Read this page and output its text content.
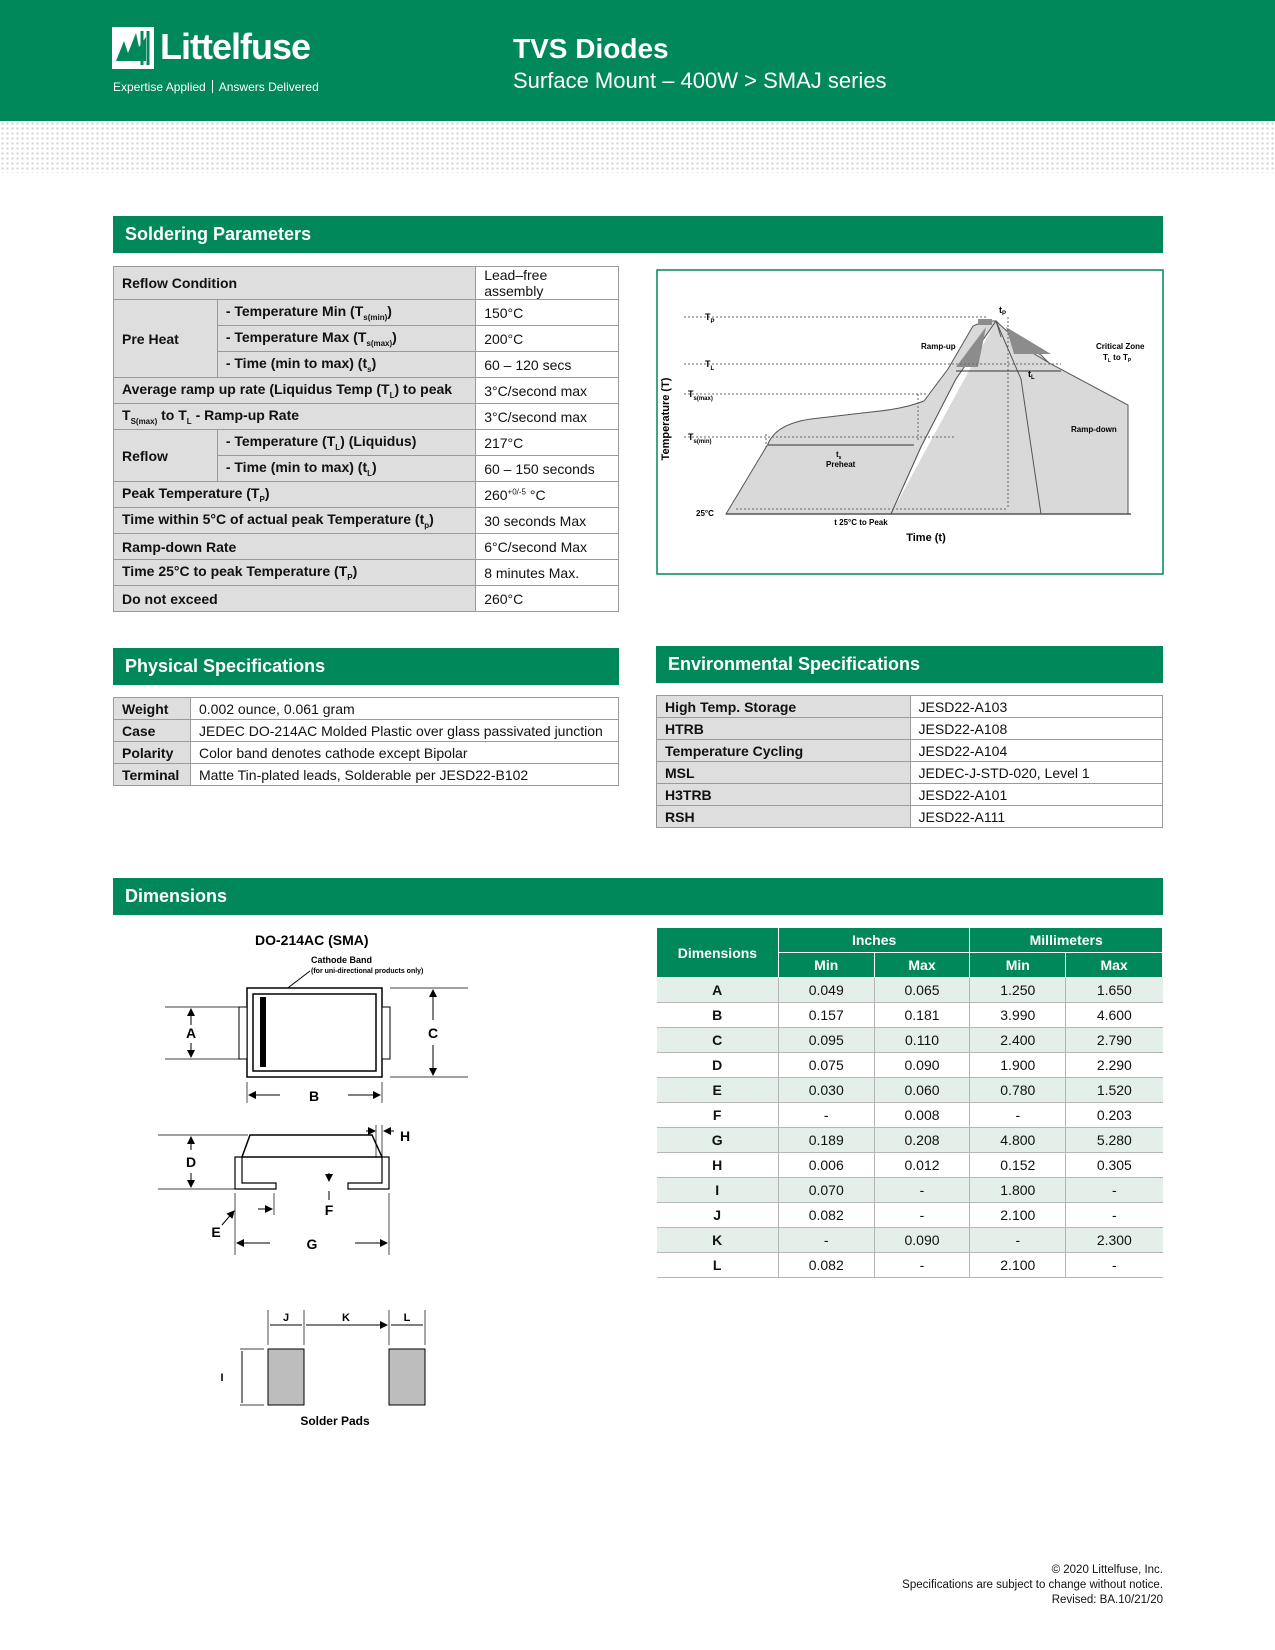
Littelfuse
Expertise Applied Answers Delivered
TVS Diodes
Surface Mount – 400W > SMAJ series
Soldering Parameters
Reflow Condition		Lead–free assembly
Pre Heat	- Temperature Min $(T_{s(min)})$	150°C
	- Temperature Max $(T_{s(max)})$	200°C
	- Time (min to max) $(t_s)$	60 – 120 secs
Average ramp up rate (Liquidus Temp $(T_L)$ to peak		3°C/second max
$T_{S(max)}$ to $T_L$ - Ramp-up Rate		3°C/second max
Reflow	- Temperature $(T_L)$ (Liquidus)	217°C
	- Time (min to max) $(t_L)$	60 – 150 seconds
Peak Temperature $(T_P)$		$260^{+0/-5}$ °C
Time within 5°C of actual peak Temperature $(t_p)$		30 seconds Max
Ramp-down Rate		6°C/second Max
Time 25°C to peak Temperature $(T_P)$		8 minutes Max.
Do not exceed		260°C
Temperature (T)
Time (t)
$T_P$
$T_L$
$T_{s(max)}$
$T_{s(min)}$
25°C
Ramp-up
Ramp-down
Critical Zone
$T_L$ to $T_P$
Preheat
$t_s$
$t_L$
$t_P$
t 25°C to Peak
Physical Specifications
Weight	0.002 ounce, 0.061 gram
Case	JEDEC DO-214AC Molded Plastic over glass passivated junction
Polarity	Color band denotes cathode except Bipolar
Terminal	Matte Tin-plated leads, Solderable per JESD22-B102
Environmental Specifications
High Temp. Storage	JESD22-A103
HTRB	JESD22-A108
Temperature Cycling	JESD22-A104
MSL	JEDEC-J-STD-020, Level 1
H3TRB	JESD22-A101
RSH	JESD22-A111
Dimensions
DO-214AC (SMA)
Cathode Band
(for uni-directional products only)
A	C
B
D
H
F
E
G
J	K	L
I
Solder Pads
Dimensions	Inches		Millimeters	
	Min	Max	Min	Max
A	0.049	0.065	1.250	1.650
B	0.157	0.181	3.990	4.600
C	0.095	0.110	2.400	2.790
D	0.075	0.090	1.900	2.290
E	0.030	0.060	0.780	1.520
F	-	0.008	-	0.203
G	0.189	0.208	4.800	5.280
H	0.006	0.012	0.152	0.305
I	0.070	-	1.800	-
J	0.082	-	2.100	-
K	-	0.090	-	2.300
L	0.082	-	2.100	-
© 2020 Littelfuse, Inc.
Specifications are subject to change without notice.
Revised: BA.10/21/20
